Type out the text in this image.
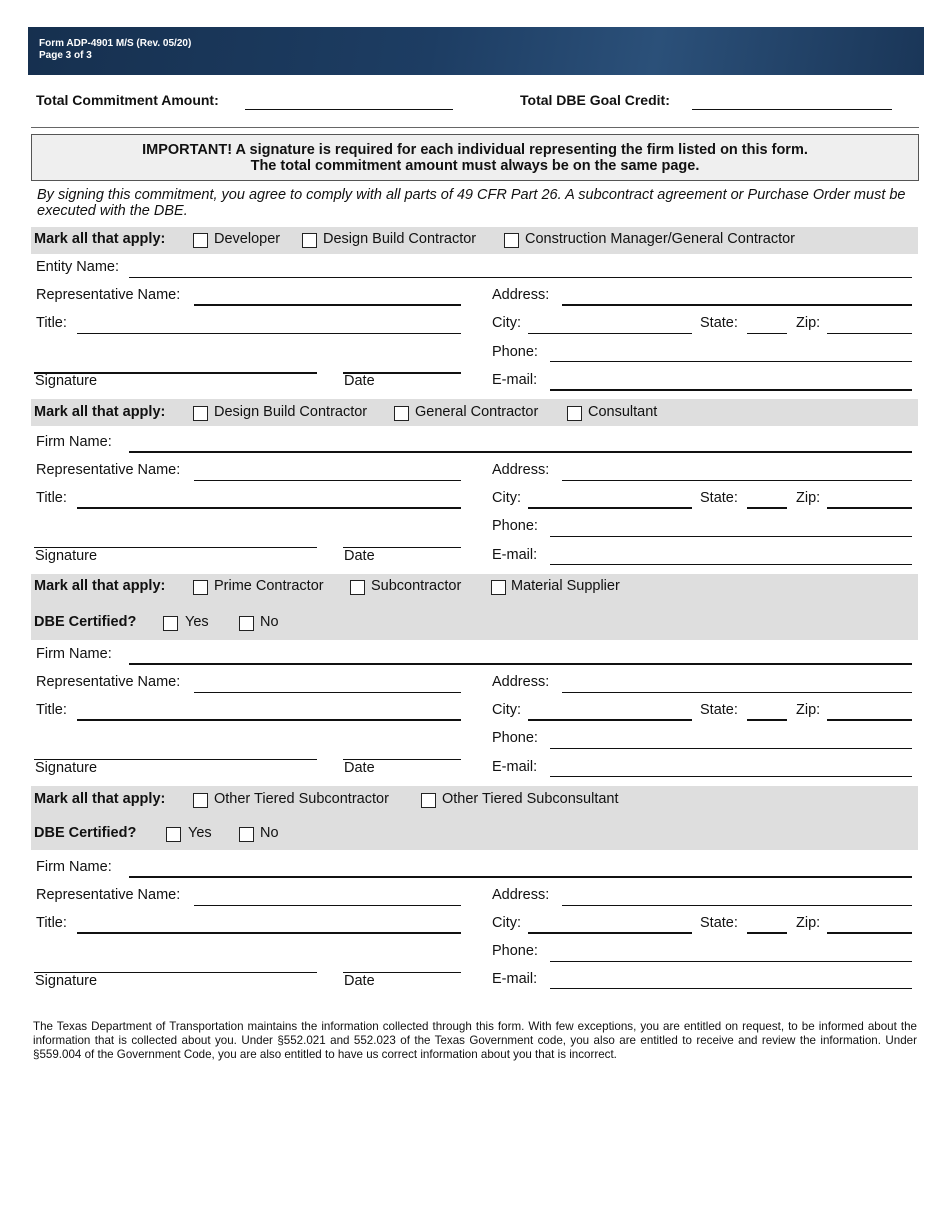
Form ADP-4901 M/S (Rev. 05/20)
Page 3 of 3
Total Commitment Amount:	Total DBE Goal Credit:
IMPORTANT! A signature is required for each individual representing the firm listed on this form.
The total commitment amount must always be on the same page.
By signing this commitment, you agree to comply with all parts of 49 CFR Part 26. A subcontract agreement or Purchase Order must be executed with the DBE.
Mark all that apply:	Developer	Design Build Contractor	Construction Manager/General Contractor
Entity Name:
Representative Name:	Address:
Title:	City:	State:	Zip:
Phone:
Signature	Date	E-mail:
Mark all that apply:	Design Build Contractor	General Contractor	Consultant
Firm Name:
Representative Name:	Address:
Title:	City:	State:	Zip:
Phone:
Signature	Date	E-mail:
Mark all that apply:	Prime Contractor	Subcontractor	Material Supplier
DBE Certified?	Yes	No
Firm Name:
Representative Name:	Address:
Title:	City:	State:	Zip:
Phone:
Signature	Date	E-mail:
Mark all that apply:	Other Tiered Subcontractor	Other Tiered Subconsultant
DBE Certified?	Yes	No
Firm Name:
Representative Name:	Address:
Title:	City:	State:	Zip:
Phone:
Signature	Date	E-mail:
The Texas Department of Transportation maintains the information collected through this form. With few exceptions, you are entitled on request, to be informed about the information that is collected about you. Under §552.021 and 552.023 of the Texas Government code, you also are entitled to receive and review the information. Under §559.004 of the Government Code, you are also entitled to have us correct information about you that is incorrect.
